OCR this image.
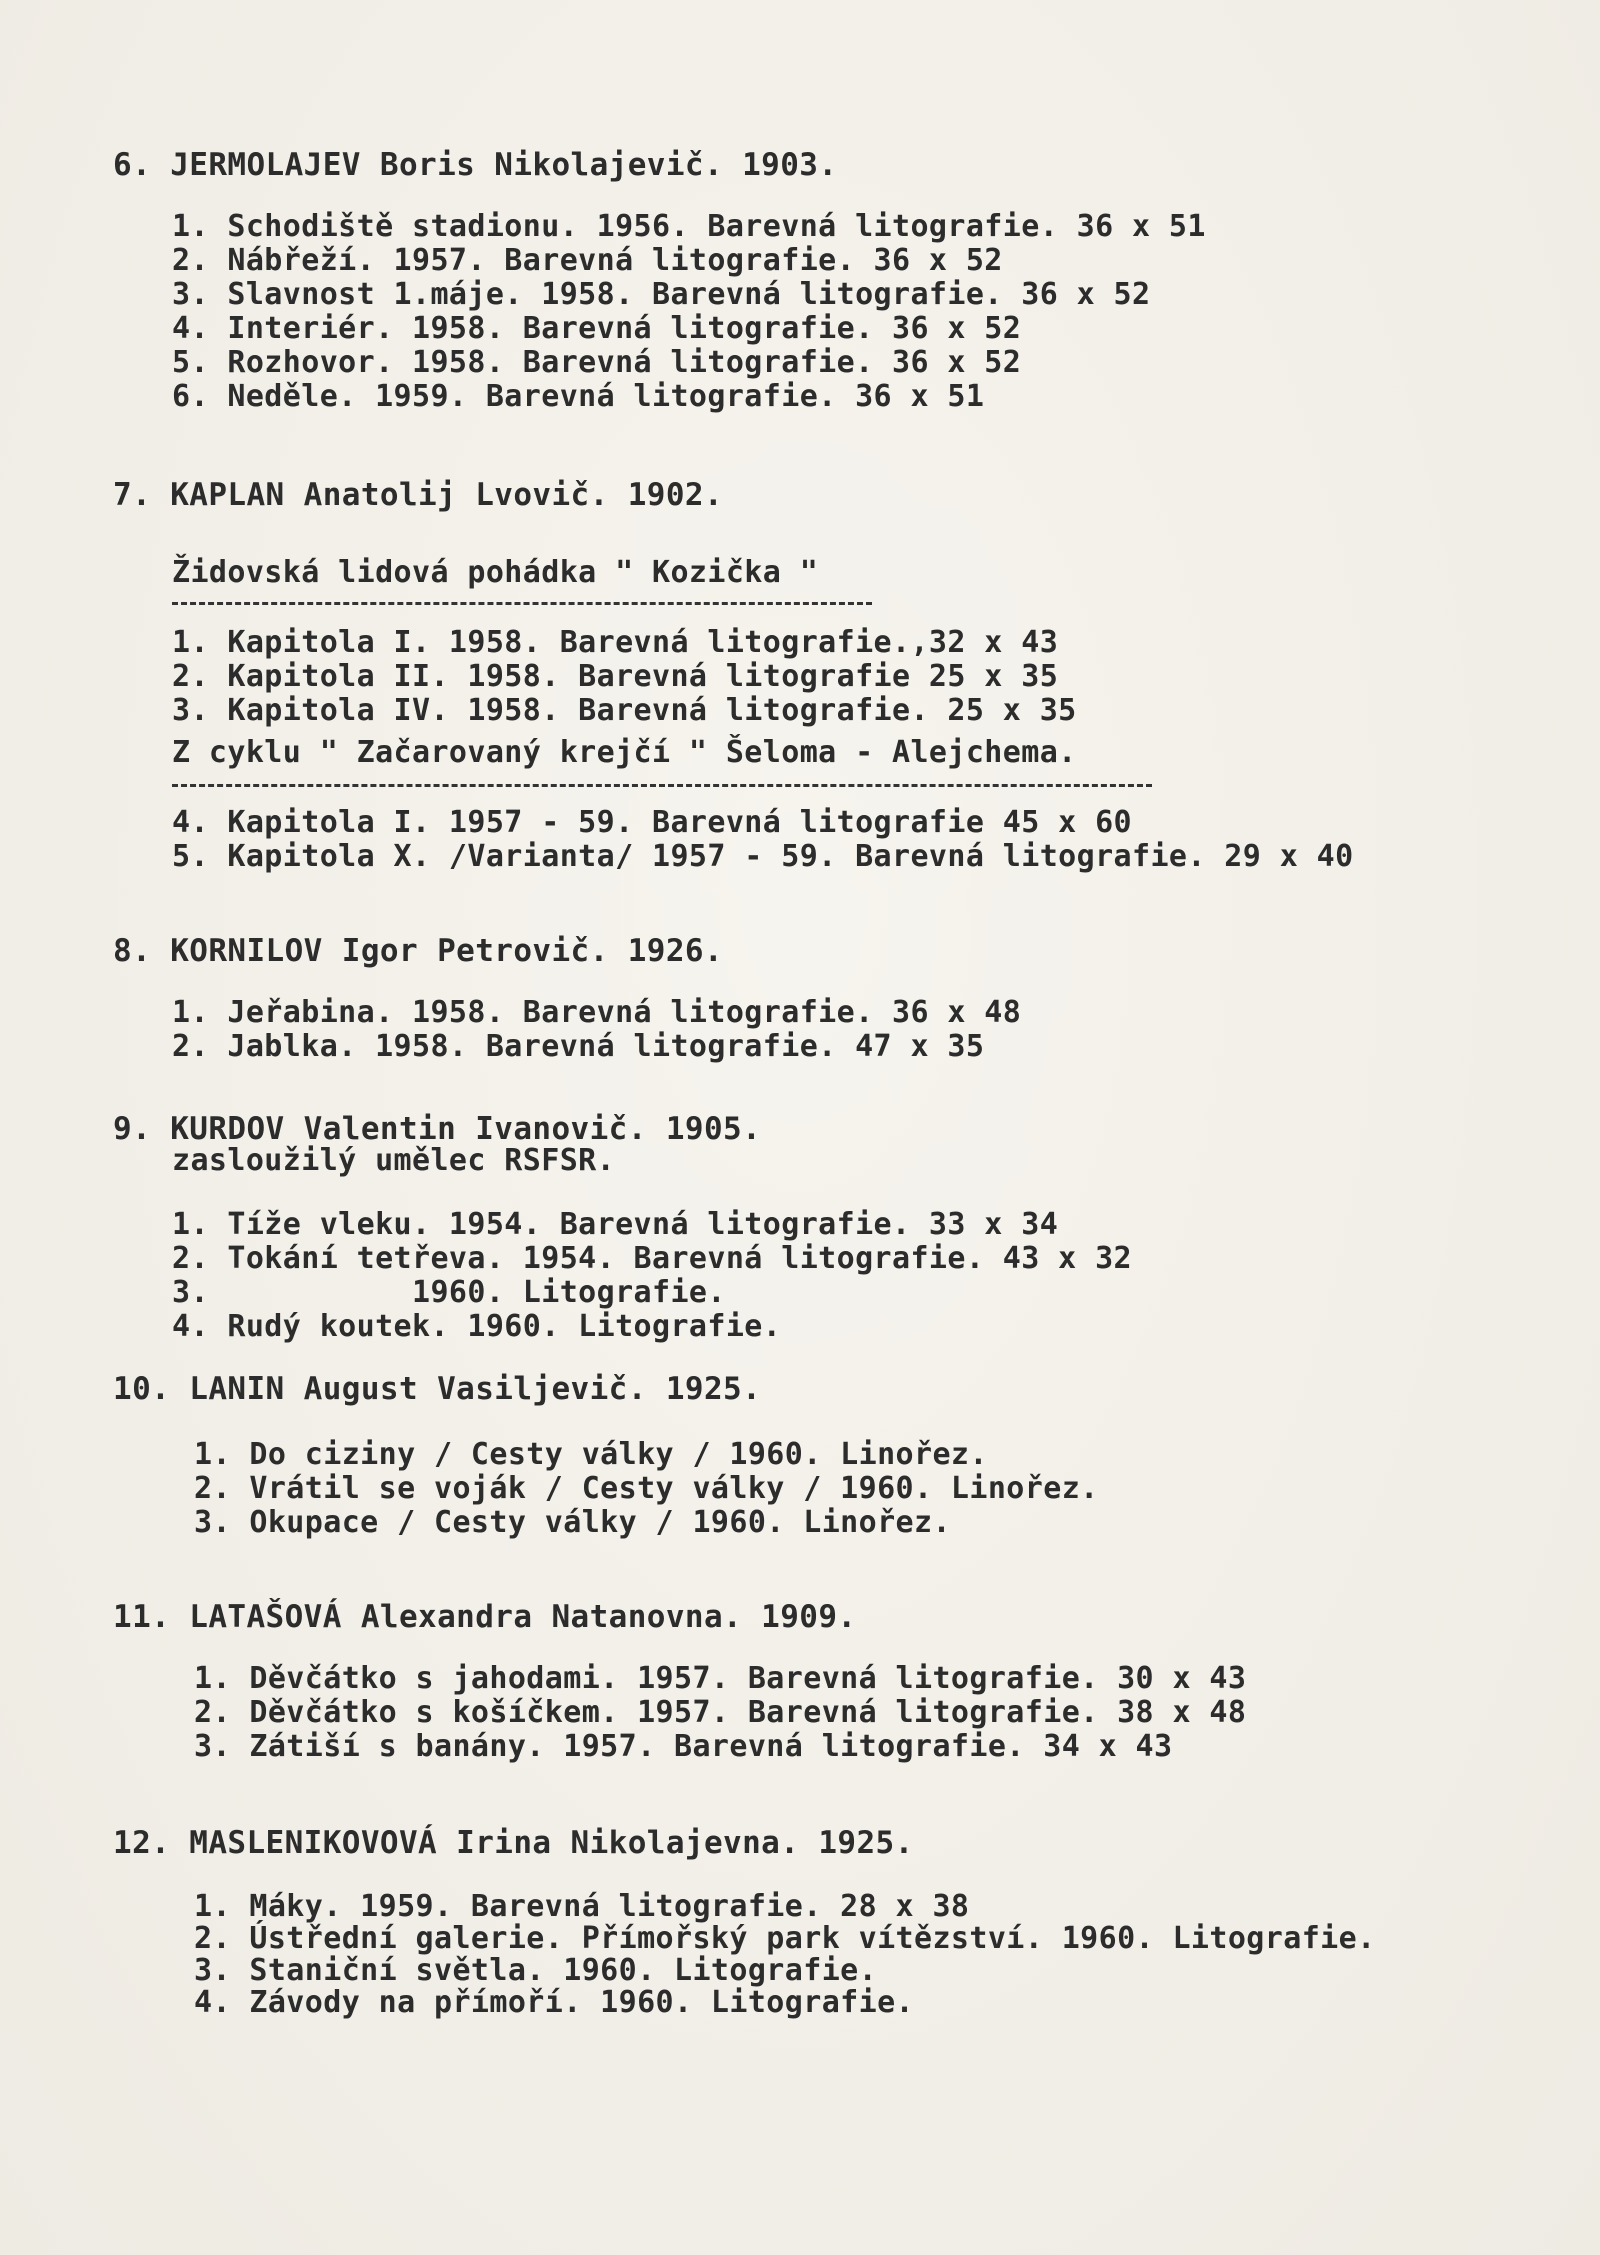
6. JERMOLAJEV Boris Nikolajevič. 1903.
1. Schodiště stadionu. 1956. Barevná litografie. 36 x 51
2. Nábřeží. 1957. Barevná litografie. 36 x 52
3. Slavnost 1.máje. 1958. Barevná litografie. 36 x 52
4. Interiér. 1958. Barevná litografie. 36 x 52
5. Rozhovor. 1958. Barevná litografie. 36 x 52
6. Neděle. 1959. Barevná litografie. 36 x 51
7. KAPLAN Anatolij Lvovič. 1902.
Židovská lidová pohádka " Kozička "
1. Kapitola I. 1958. Barevná litografie.,32 x 43
2. Kapitola II. 1958. Barevná litografie 25 x 35
3. Kapitola IV. 1958. Barevná litografie. 25 x 35
Z cyklu " Začarovaný krejčí " Šeloma - Alejchema.
4. Kapitola I. 1957 - 59. Barevná litografie 45 x 60
5. Kapitola X. /Varianta/ 1957 - 59. Barevná litografie. 29 x 40
8. KORNILOV Igor Petrovič. 1926.
1. Jeřabina. 1958. Barevná litografie. 36 x 48
2. Jablka. 1958. Barevná litografie. 47 x 35
9. KURDOV Valentin Ivanovič. 1905.
zasloužilý umělec RSFSR.
1. Tíže vleku. 1954. Barevná litografie. 33 x 34
2. Tokání tetřeva. 1954. Barevná litografie. 43 x 32
3.           1960. Litografie.
4. Rudý koutek. 1960. Litografie.
10. LANIN August Vasiljevič. 1925.
1. Do ciziny / Cesty války / 1960. Linořez.
2. Vrátil se voják / Cesty války / 1960. Linořez.
3. Okupace / Cesty války / 1960. Linořez.
11. LATAŠOVÁ Alexandra Natanovna. 1909.
1. Děvčátko s jahodami. 1957. Barevná litografie. 30 x 43
2. Děvčátko s košíčkem. 1957. Barevná litografie. 38 x 48
3. Zátiší s banány. 1957. Barevná litografie. 34 x 43
12. MASLENIKOVOVÁ Irina Nikolajevna. 1925.
1. Máky. 1959. Barevná litografie. 28 x 38
2. Ústřední galerie. Přímořský park vítězství. 1960. Litografie.
3. Staniční světla. 1960. Litografie.
4. Závody na přímoří. 1960. Litografie.
